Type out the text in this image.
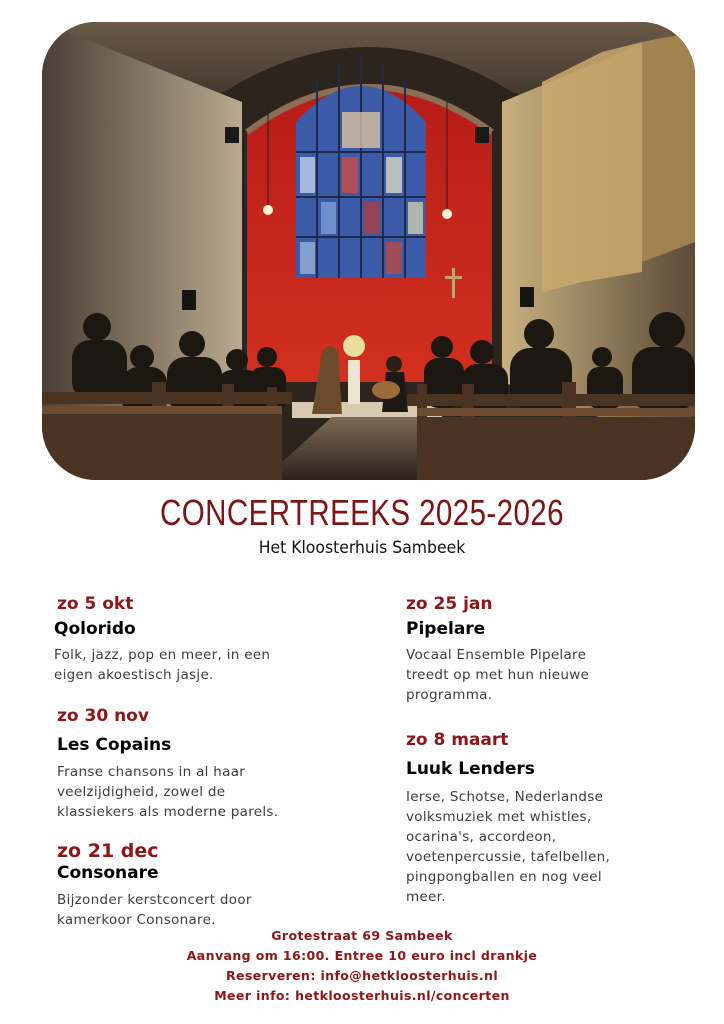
CONCERTREEKS 2025-2026
Het Kloosterhuis Sambeek
zo 5 okt
Qolorido
Folk, jazz, pop en meer, in een
eigen akoestisch jasje.
zo 30 nov
Les Copains
Franse chansons in al haar
veelzijdigheid, zowel de
klassiekers als moderne parels.
zo 21 dec
Consonare
Bijzonder kerstconcert door
kamerkoor Consonare.
zo 25 jan
Pipelare
Vocaal Ensemble Pipelare
treedt op met hun nieuwe
programma.
zo 8 maart
Luuk Lenders
Ierse, Schotse, Nederlandse
volksmuziek met whistles,
ocarina's, accordeon,
voetenpercussie, tafelbellen,
pingpongballen en nog veel
meer.
Grotestraat 69 Sambeek
Aanvang om 16:00. Entree 10 euro incl drankje
Reserveren: info@hetkloosterhuis.nl
Meer info: hetkloosterhuis.nl/concerten
